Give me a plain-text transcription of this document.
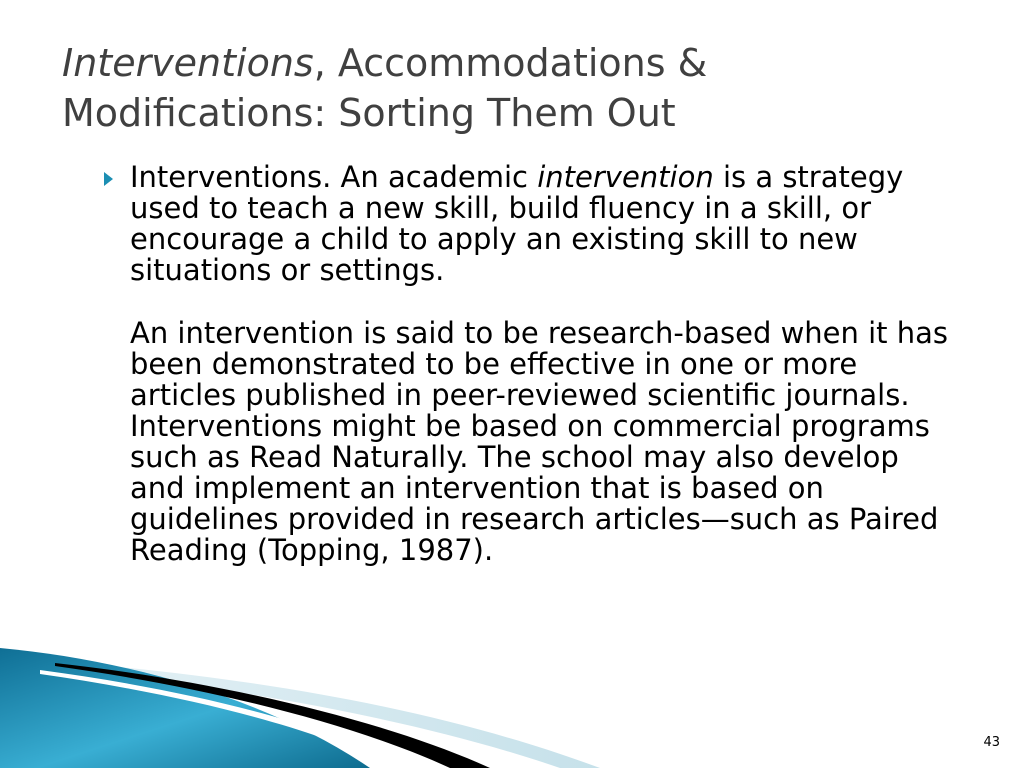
Interventions, Accommodations &
Modifications: Sorting Them Out

Interventions. An academic intervention is a strategy used to teach a new skill, build fluency in a skill, or encourage a child to apply an existing skill to new situations or settings.

An intervention is said to be research-based when it has been demonstrated to be effective in one or more articles published in peer-reviewed scientific journals. Interventions might be based on commercial programs such as Read Naturally. The school may also develop and implement an intervention that is based on guidelines provided in research articles—such as Paired Reading (Topping, 1987).

43
